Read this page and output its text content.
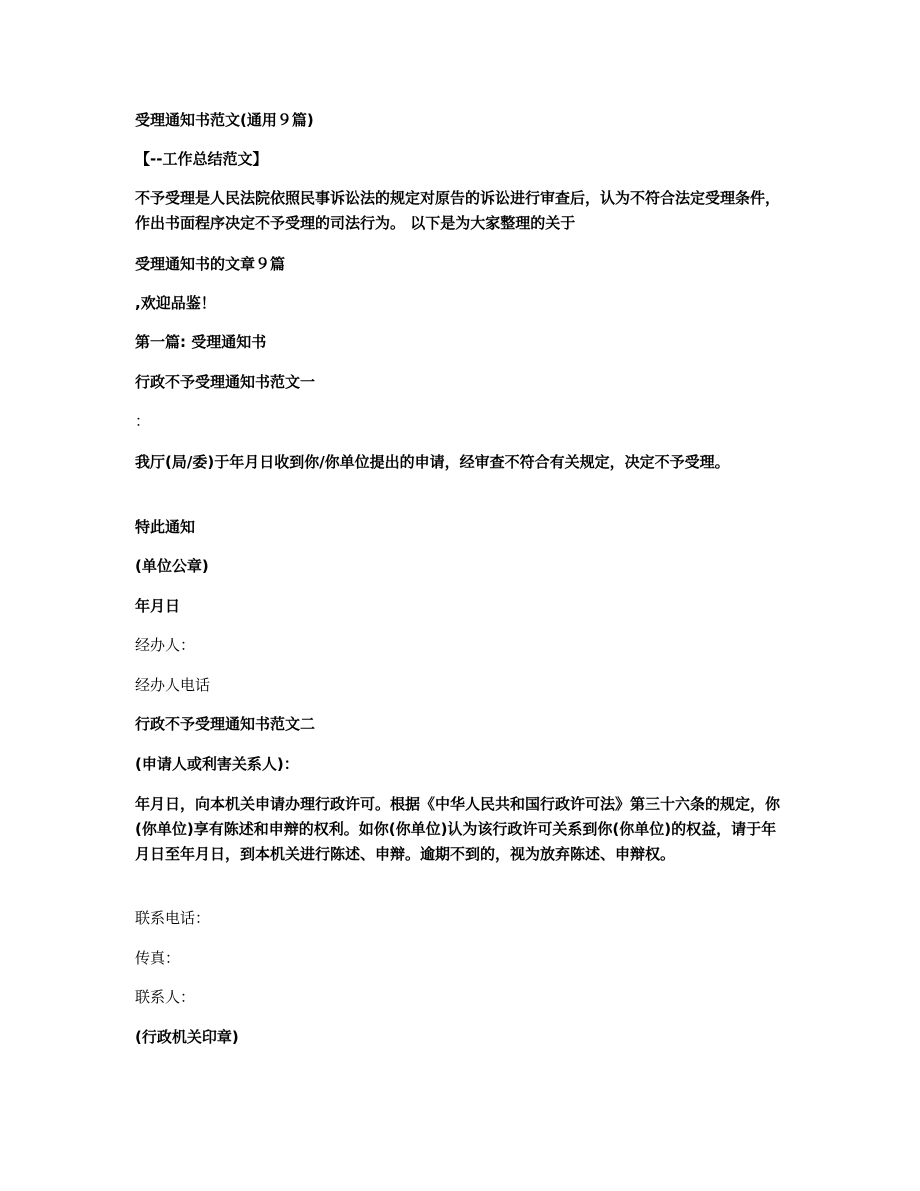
受理通知书范文(通用９篇)

【--工作总结范文】

不予受理是人民法院依照民事诉讼法的规定对原告的诉讼进行审查后，认为不符合法定受理条件，作出书面程序决定不予受理的司法行为。 以下是为大家整理的关于

受理通知书的文章９篇

,欢迎品鉴！

第一篇: 受理通知书

行政不予受理通知书范文一

：

我厅(局/委)于年月日收到你/你单位提出的申请，经审查不符合有关规定，决定不予受理。

特此通知

(单位公章)

年月日

经办人：

经办人电话

行政不予受理通知书范文二

(申请人或利害关系人)：

年月日，向本机关申请办理行政许可。根据《中华人民共和国行政许可法》第三十六条的规定，你(你单位)享有陈述和申辩的权利。如你(你单位)认为该行政许可关系到你(你单位)的权益，请于年月日至年月日，到本机关进行陈述、申辩。逾期不到的，视为放弃陈述、申辩权。

联系电话：

传真：

联系人：

(行政机关印章)
